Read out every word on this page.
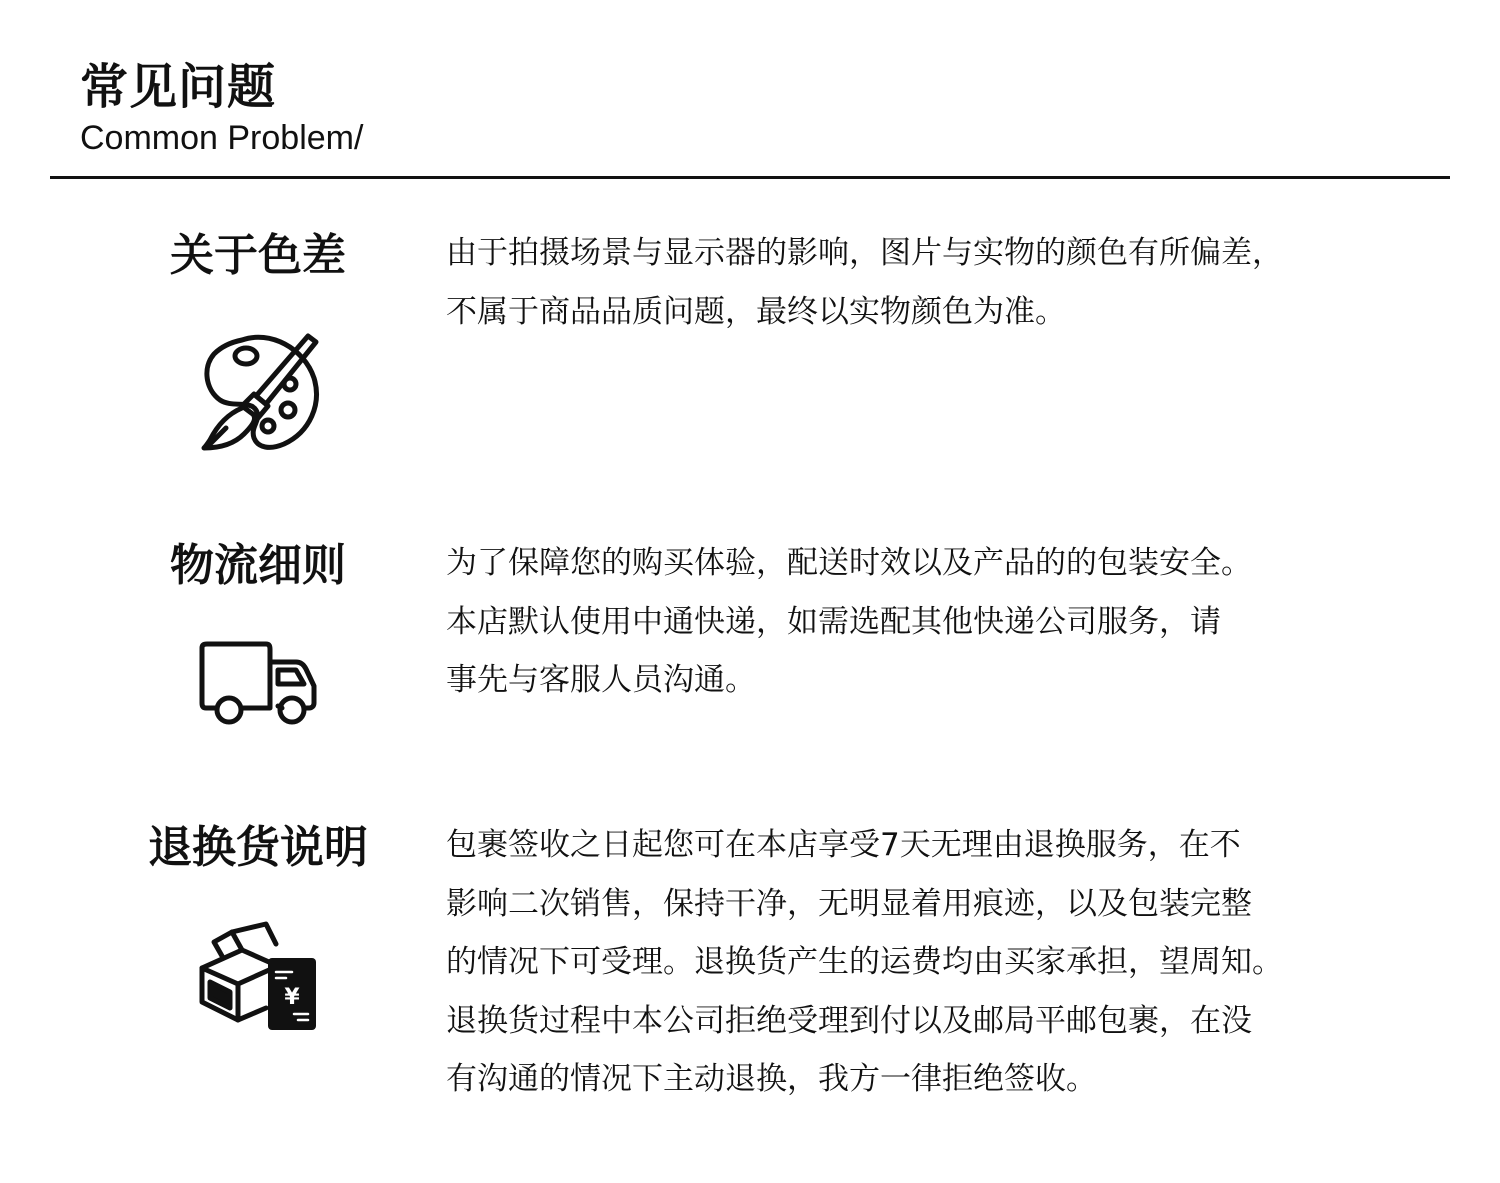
常见问题
Common Problem/
关于色差	由于拍摄场景与显示器的影响，图片与实物的颜色有所偏差，

不属于商品品质问题，最终以实物颜色为准。

物流细则	为了保障您的购买体验，配送时效以及产品的的包装安全。

本店默认使用中通快递，如需选配其他快递公司服务，请

事先与客服人员沟通。

退换货说明
¥

包裹签收之日起您可在本店享受7天无理由退换服务，在不

影响二次销售，保持干净，无明显着用痕迹，以及包装完整

的情况下可受理。退换货产生的运费均由买家承担，望周知。

退换货过程中本公司拒绝受理到付以及邮局平邮包裹，在没

有沟通的情况下主动退换，我方一律拒绝签收。
